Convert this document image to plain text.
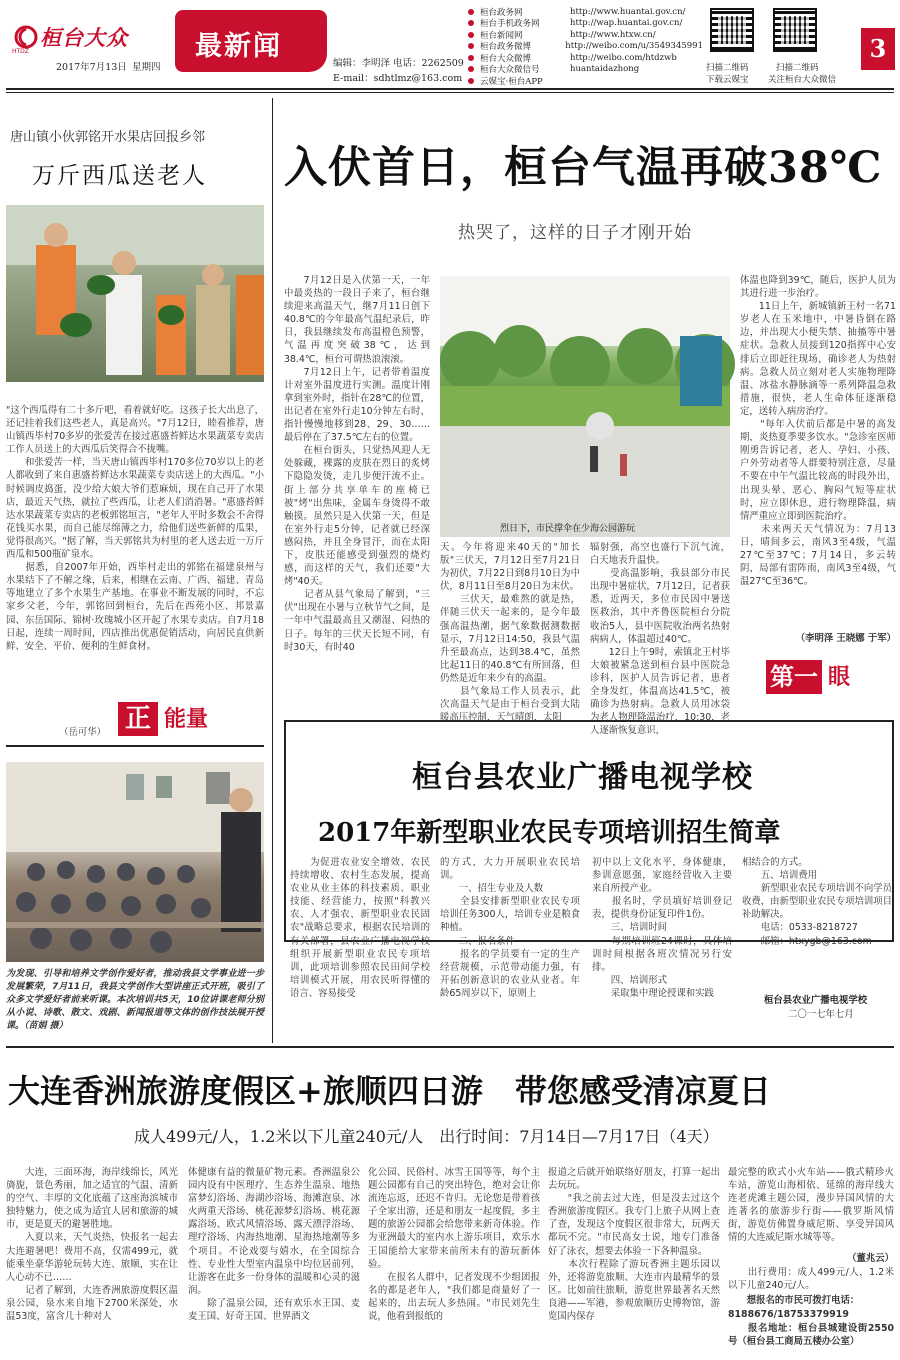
桓台大众
HTDZ
2017年7月13日 星期四
最新闻
编辑：李明泽 电话：2262509
E-mail：sdhtlmz@163.com
桓台政务网	http://www.huantai.gov.cn/
桓台手机政务网	http://wap.huantai.gov.cn/
桓台新闻网	http://www.htxw.cn/
桓台政务微博	http://weibo.com/u/3549345991
桓台大众微博	http://weibo.com/htdzwb
桓台大众微信号	huantaidazhong
云媒宝·桓台APP
扫描二维码
下载云媒宝
扫描二维码
关注桓台大众微信
3
唐山镇小伙郭铭开水果店回报乡邻
万斤西瓜送老人
"这个西瓜得有二十多斤吧，看着就好吃。这孩子长大出息了，还记挂着我们这些老人，真是高兴。"7月12日，睦看推荐，唐山镇西毕村70多岁的张爱苦在接过惠盛苔鲜达水果蔬菜专卖店工作人员送上的大西瓜后笑得合不拢嘴。
　　和张爱苦一样，当天唐山镇西毕村170多位70岁以上的老人都收到了来自惠盛苔鲜达水果蔬菜专卖店送上的大西瓜。"小时候调皮捣蛋，没少给大娘大爷们惹麻烦，现在自己开了水果店，最近天气热，就拉了些西瓜，让老人们消消暑。"惠盛苔鲜达水果蔬菜专卖店的老板郭铭垣言，"老年人平时多数会不舍得花钱买水果，而自己能尽绵薄之力，给他们送些新鲜的瓜果，觉得很高兴。"据了解，当天郭铭共为村里的老人送去近一万斤西瓜和500瓶矿泉水。
　　据悉，自2007年开始，西毕村走出的郭铭在福建泉州与水果结下了不解之缘，后来，相继在云南、广西、福建、青岛等地建立了多个水果生产基地。在事业不断发展的同时，不忘家乡父老，今年，郭铭回到桓台，先后在西苑小区、邦景嘉园、东岳国际、锦树·玫瑰城小区开起了水果专卖店。自7月18日起，连续一周时间，四店推出优惠促销活动，向居民直供新鲜、安全、平价、便利的生鲜食材。
正 能量
（岳可华）
为发现、引导和培养文学创作爱好者，推动我县文学事业进一步发展繁荣，7月11日，我县文学创作大型讲座正式开班，吸引了众多文学爱好者前来听课。本次培训共5天，10位讲课老师分别从小说、诗歌、散文、戏剧、新闻报道等文体的创作技法展开授课。（苗娟 摄）
入伏首日，桓台气温再破38℃
热哭了，这样的日子才刚开始
　　7月12日是入伏第一天，一年中最炎热的一段日子来了，桓台继续迎来高温天气，继7月11日创下40.8℃的今年最高气温纪录后，昨日，我县继续发布高温橙色预警，气温再度突破38℃，达到38.4℃，桓台可谓热浪滚滚。
　　7月12日上午，记者带着温度计对室外温度进行实测。温度计刚拿到室外时，指针在28℃的位置，出记者在室外行走10分钟左右时，指针慢慢地移到28、29、30……最后停在了37.5℃左右的位置。
　　在桓台街头，只觉热风迎人无处躲藏，裸露的皮肤在烈日的炙烤下隐隐发烫，走几步便汗流不止。街上部分共享单车的座椅已被"烤"出焦味，金属车身烫得不敢触摸。虽然只是入伏第一天，但是在室外行走5分钟，记者就已经深感闷热，并且全身冒汗，而在太阳下，皮肤还能感受到强烈的烧灼感，而这样的天气，我们还要"大烤"40天。
　　记者从县气象局了解到，"三伏"出现在小暑与立秋节气之间，是一年中气温最高且又潮湿、闷热的日子。每年的三伏天长短不同，有时30天，有时40
烈日下，市民撑伞在少海公园游玩
天。今年将迎来40天的"加长版"三伏天，7月12日至7月21日为初伏，7月22日到8月10日为中伏，8月11日至8月20日为末伏。
　　三伏天，最难熬的就是热，伴随三伏天一起来的，是今年最强高温热潮，据气象数据测数据显示，7月12日14:50，我县气温升至最高点，达到38.4℃，虽然比起11日的40.8℃有所回落，但仍然是近年来少有的高温。
　　县气象局工作人员表示，此次高温天气是由于桓台受到大陆暖高压控制，天气晴朗，太阳
辐射强，高空也盛行下沉气流，白天地表升温快。
　　受高温影响，我县部分市民出现中暑症状，7月12日，记者获悉，近两天，多位市民因中暑送医救治，其中齐鲁医院桓台分院收治5人，县中医院收治两名热射病病人，体温超过40℃。
　　12日上午9时，索镇北王村毕大娘被紧急送到桓台县中医院急诊科，医护人员告诉记者，患者全身发红，体温高达41.5℃，被确诊为热射病。急救人员用冰袋为老人物理降温治疗，10:30，老人逐渐恢复意识，
体温也降到39℃，随后，医护人员为其进行进一步治疗。
　　11日上午，新城镇新王村一名71岁老人在玉米地中，中暑昏倒在路边，并出现大小便失禁、抽搐等中暑症状。急救人员接到120指挥中心安排后立即赶往现场，确诊老人为热射病。急救人员立刻对老人实施物理降温、冰盐水静脉滴等一系列降温急救措施，很快，老人生命体征逐渐稳定，送转入病房治疗。
　　"每年入伏前后都是中暑的高发期，炎热夏季要多饮水。"急诊室医师刚勇告诉记者，老人、孕妇、小孩、户外劳动者等人群要特别注意，尽量不要在中午气温比较高的时段外出，出现头晕、恶心、胸闷气短等症状时，应立即休息，进行物理降温，病情严重应立即到医院治疗。
　　未来两天天气情况为：7月13日，晴间多云，南风3至4级，气温27℃至37℃；7月14日，多云转阴，局部有雷阵雨，南风3至4级，气温27℃至36℃。
（李明泽 王晓娜 于军）
第一 眼
桓台县农业广播电视学校
2017年新型职业农民专项培训招生简章
　　为促进农业安全增效、农民持续增收、农村生态发展，提高农业从业主体的科技素质、职业技能、经营能力，按照"科教兴农、人才强农、新型职业农民固农"战略总要求，根据农民培训的有关部署，县农业广播电视学校组织开展新型职业农民专项培训，此项培训参照农民田间学校培训模式开展，用农民听得懂的语言、容易接受
的方式，大力开展职业农民培训。
　　一、招生专业及人数
　　全县安排新型职业农民专项培训任务300人，培训专业是粮食种植。
　　二、报名条件
　　报名的学员要有一定的生产经营规模，示范带动能力强，有开拓创新意识的农业从业者。年龄65周岁以下，原则上
初中以上文化水平，身体健康，参训意愿强，家庭经营收入主要来自所授产业。
　　报名时，学员填好培训登记表，提供身份证复印件1份。
　　三、培训时间
　　每期培训班24课时，具体培训时间根据各班次情况另行安排。
　　四、培训形式
　　采取集中理论授课和实践
相结合的方式。
　　五、培训费用
　　新型职业农民专项培训不向学员收费，由新型职业农民专项培训项目补助解决。
　　电话：0533-8218727
　　邮箱：htxygb@163.com
桓台县农业广播电视学校
二〇一七年七月
大连香洲旅游度假区+旅顺四日游　带您感受清凉夏日
成人499元/人，1.2米以下儿童240元/人　出行时间：7月14日—7月17日（4天）
　　大连，三面环海，海岸线绵长，风光旖旎，景色秀丽，加之适宜的气温、清新的空气、丰厚的文化底蕴了这座海滨城市独特魅力，使之成为适宜人居和旅游的城市，更是夏天的避暑胜地。
　　入夏以来，天气炎热，快报名一起去大连避暑吧！费用不高，仅需499元，就能乘坐豪华游轮玩转大连、旅顺，实在让人心动不已……
　　记者了解到，大连香洲旅游度假区温泉公园，泉水来自地下2700米深处，水温53度，富含几十种对人
体健康有益的微量矿物元素。香洲温泉公园内设有中医理疗、生态养生温泉、地热富梦幻浴场、海湖沙浴场、海滩泡泉、冰火两重天浴场、桃花源梦幻浴场、桃花源露浴场、欧式风情浴场、露天漂浮浴场、理疗浴场、内海热地潮、星海热地潮等多个项目。不论戏耍与嬉水，在全国综合性、专业性大型室内温泉中均位居前列，让游客在此多一份身体的温暖和心灵的滋润。
　　除了温泉公园，还有欢乐水王国、麦麦王国、好奇王国、世界酒文
化公园、民俗村、冰雪王国等等，每个主题公园都有自己的突出特色，绝对会让你流连忘返，还迟不肯归。无论您是带着孩子全家出游，还是和朋友一起度假，多主题的旅游公园都会给您带来新奇体验。作为亚洲最大的室内水上游乐项目，欢乐水王国能给大家带来前所未有的游玩新体验。
　　在报名人群中，记者发现不少组团报名的都是老年人，"我们都是商量好了一起来的，出去玩人多热闹。"市民刘先生说，他看到报纸的
报道之后就开始联络好朋友，打算一起出去玩玩。
　　"我之前去过大连，但是没去过这个香洲旅游度假区。我专门上旅子从网上查了查，发现这个度假区很非常大，玩两天都玩不完。"市民高女士说，地专门准备好了泳衣，想要去体验一下各种温泉。
　　本次行程除了游玩香洲主题乐园以外，还将游览旅顺、大连市内最精华的景区。比如前往旅顺，游览世界最著名天然良港——军港，参观旅顺历史博物馆，游览国内保存
最完整的欧式小火车站——俄式精珍火车站，游览山海相依、延绵的海岸线大连老虎滩主题公园，漫步异国风情的大连著名的旅游步行街——俄罗斯风情街，游览仿佛置身威尼斯、享受异国风情的大连威尼斯水城等等。
（董兆云）
　　出行费用：成人499元/人，1.2米以下儿童240元/人。
　　想报名的市民可拨打电话：
8188676/18753379919
　　报名地址：桓台县城建设街2550号（桓台县工商局五楼办公室）
